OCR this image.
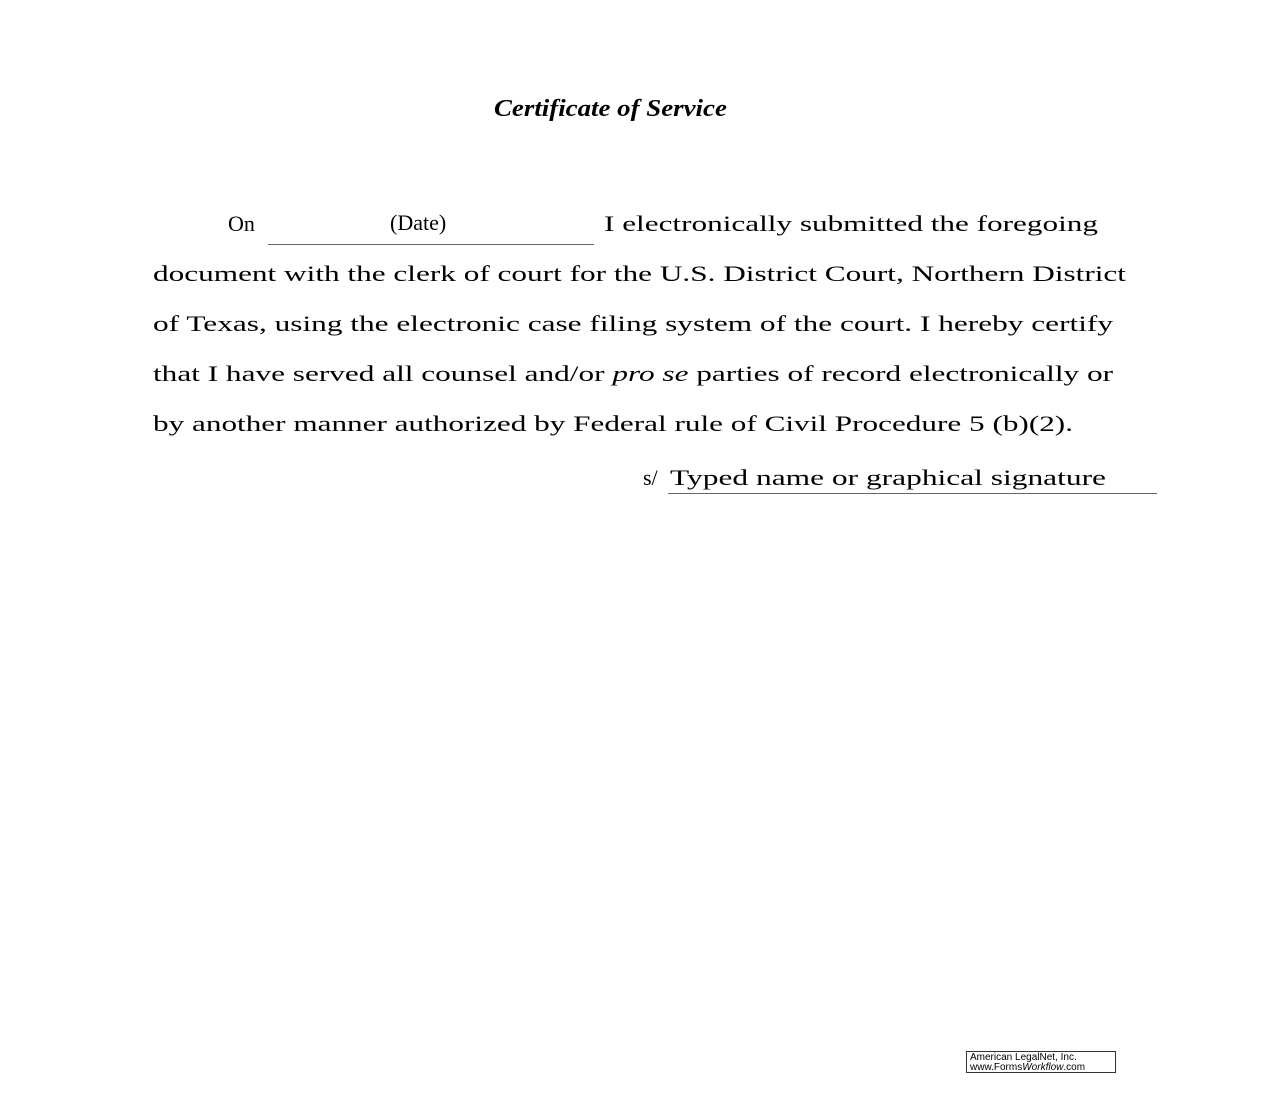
Certificate of Service
On	(Date)	I electronically submitted the foregoing
document with the clerk of court for the U.S. District Court, Northern District
of Texas, using the electronic case filing system of the court. I hereby certify
that I have served all counsel and/or pro se parties of record electronically or
by another manner authorized by Federal rule of Civil Procedure 5 (b)(2).
s/ Typed name or graphical signature
American LegalNet, Inc.
www.FormsWorkflow.com
